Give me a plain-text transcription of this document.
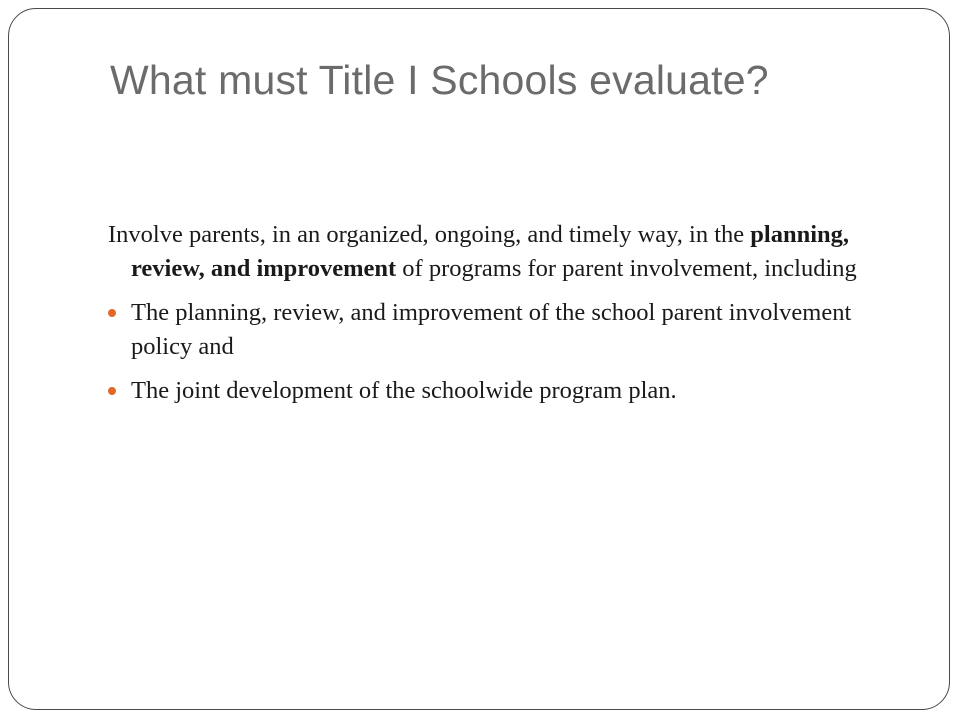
What must Title I Schools evaluate?

Involve parents, in an organized, ongoing, and timely way, in the planning, review, and improvement of programs for parent involvement, including

The planning, review, and improvement of the school parent involvement policy and
The joint development of the schoolwide program plan.
